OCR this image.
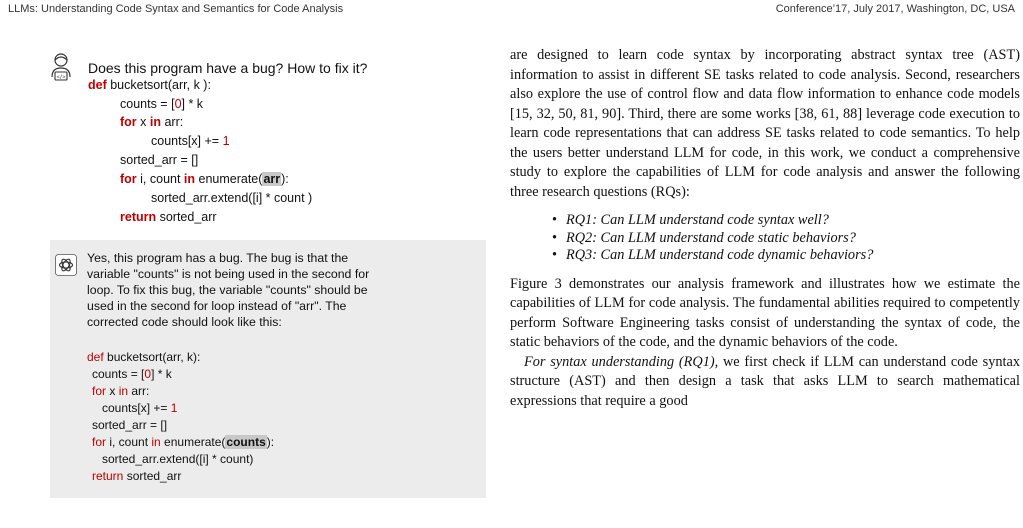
LLMs: Understanding Code Syntax and Semantics for Code Analysis	Conference’17, July 2017, Washington, DC, USA
</>
Does this program have a bug? How to fix it?
def bucketsort(arr, k ):
counts = [0] * k
for x in arr:
counts[x] += 1
sorted_arr = []
for i, count in enumerate(arr):
sorted_arr.extend([i] * count )
return sorted_arr
Yes, this program has a bug. The bug is that the
variable "counts" is not being used in the second for
loop. To fix this bug, the variable "counts" should be
used in the second for loop instead of "arr". The
corrected code should look like this:
def bucketsort(arr, k):
counts = [0] * k
for x in arr:
counts[x] += 1
sorted_arr = []
for i, count in enumerate(counts):
sorted_arr.extend([i] * count)
return sorted_arr

are designed to learn code syntax by incorporating abstract syntax tree (AST) information to assist in different SE tasks related to code analysis. Second, researchers also explore the use of control flow and data flow information to enhance code models [15, 32, 50, 81, 90]. Third, there are some works [38, 61, 88] leverage code execution to learn code representations that can address SE tasks related to code semantics. To help the users better understand LLM for code, in this work, we conduct a comprehensive study to explore the capabilities of LLM for code analysis and answer the following three research questions (RQs):

• RQ1: Can LLM understand code syntax well?
• RQ2: Can LLM understand code static behaviors?
• RQ3: Can LLM understand code dynamic behaviors?

Figure 3 demonstrates our analysis framework and illustrates how we estimate the capabilities of LLM for code analysis. The fundamental abilities required to competently perform Software Engineering tasks consist of understanding the syntax of code, the static behaviors of the code, and the dynamic behaviors of the code.

For syntax understanding (RQ1), we first check if LLM can understand code syntax structure (AST) and then design a task that asks LLM to search mathematical expressions that require a good
